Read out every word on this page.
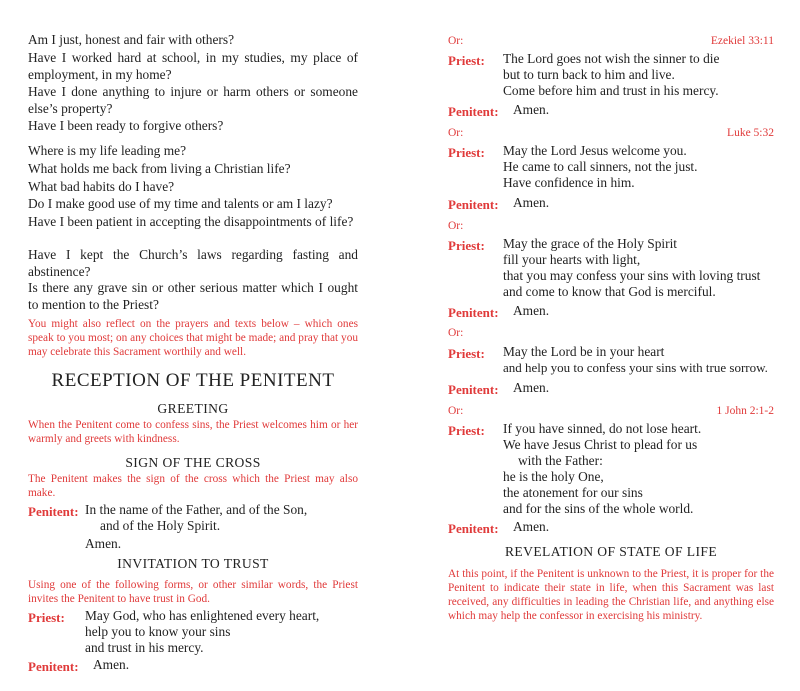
Am I just, honest and fair with others?
Have I worked hard at school, in my studies, my place of employment, in my home?
Have I done anything to injure or harm others or someone else’s property?
Have I been ready to forgive others?
Where is my life leading me?
What holds me back from living a Christian life?
What bad habits do I have?
Do I make good use of my time and talents or am I lazy?
Have I been patient in accepting the disappointments of life?
Have I kept the Church’s laws regarding fasting and abstinence?
Is there any grave sin or other serious matter which I ought to mention to the Priest?
You might also reflect on the prayers and texts below – which ones speak to you most; on any choices that might be made; and pray that you may celebrate this Sacrament worthily and well.
RECEPTION OF THE PENITENT
GREETING
When the Penitent come to confess sins, the Priest welcomes him or her warmly and greets with kindness.
SIGN OF THE CROSS
The Penitent makes the sign of the cross which the Priest may also make.
Penitent: In the name of the Father, and of the Son,
and of the Holy Spirit.
Amen.
INVITATION TO TRUST
Using one of the following forms, or other similar words, the Priest invites the Penitent to have trust in God.
Priest: May God, who has enlightened every heart,
help you to know your sins
and trust in his mercy.
Penitent: Amen.
Or:	Ezekiel 33:11
Priest: The Lord goes not wish the sinner to die
but to turn back to him and live.
Come before him and trust in his mercy.
Penitent: Amen.
Or:	Luke 5:32
Priest: May the Lord Jesus welcome you.
He came to call sinners, not the just.
Have confidence in him.
Penitent: Amen.
Or:
Priest: May the grace of the Holy Spirit
fill your hearts with light,
that you may confess your sins with loving trust
and come to know that God is merciful.
Penitent: Amen.
Or:
Priest: May the Lord be in your heart
and help you to confess your sins with true sorrow.
Penitent: Amen.
Or:	1 John 2:1-2
Priest: If you have sinned, do not lose heart.
We have Jesus Christ to plead for us
with the Father:
he is the holy One,
the atonement for our sins
and for the sins of the whole world.
Penitent: Amen.
REVELATION OF STATE OF LIFE
At this point, if the Penitent is unknown to the Priest, it is proper for the Penitent to indicate their state in life, when this Sacrament was last received, any difficulties in leading the Christian life, and anything else which may help the confessor in exercising his ministry.
